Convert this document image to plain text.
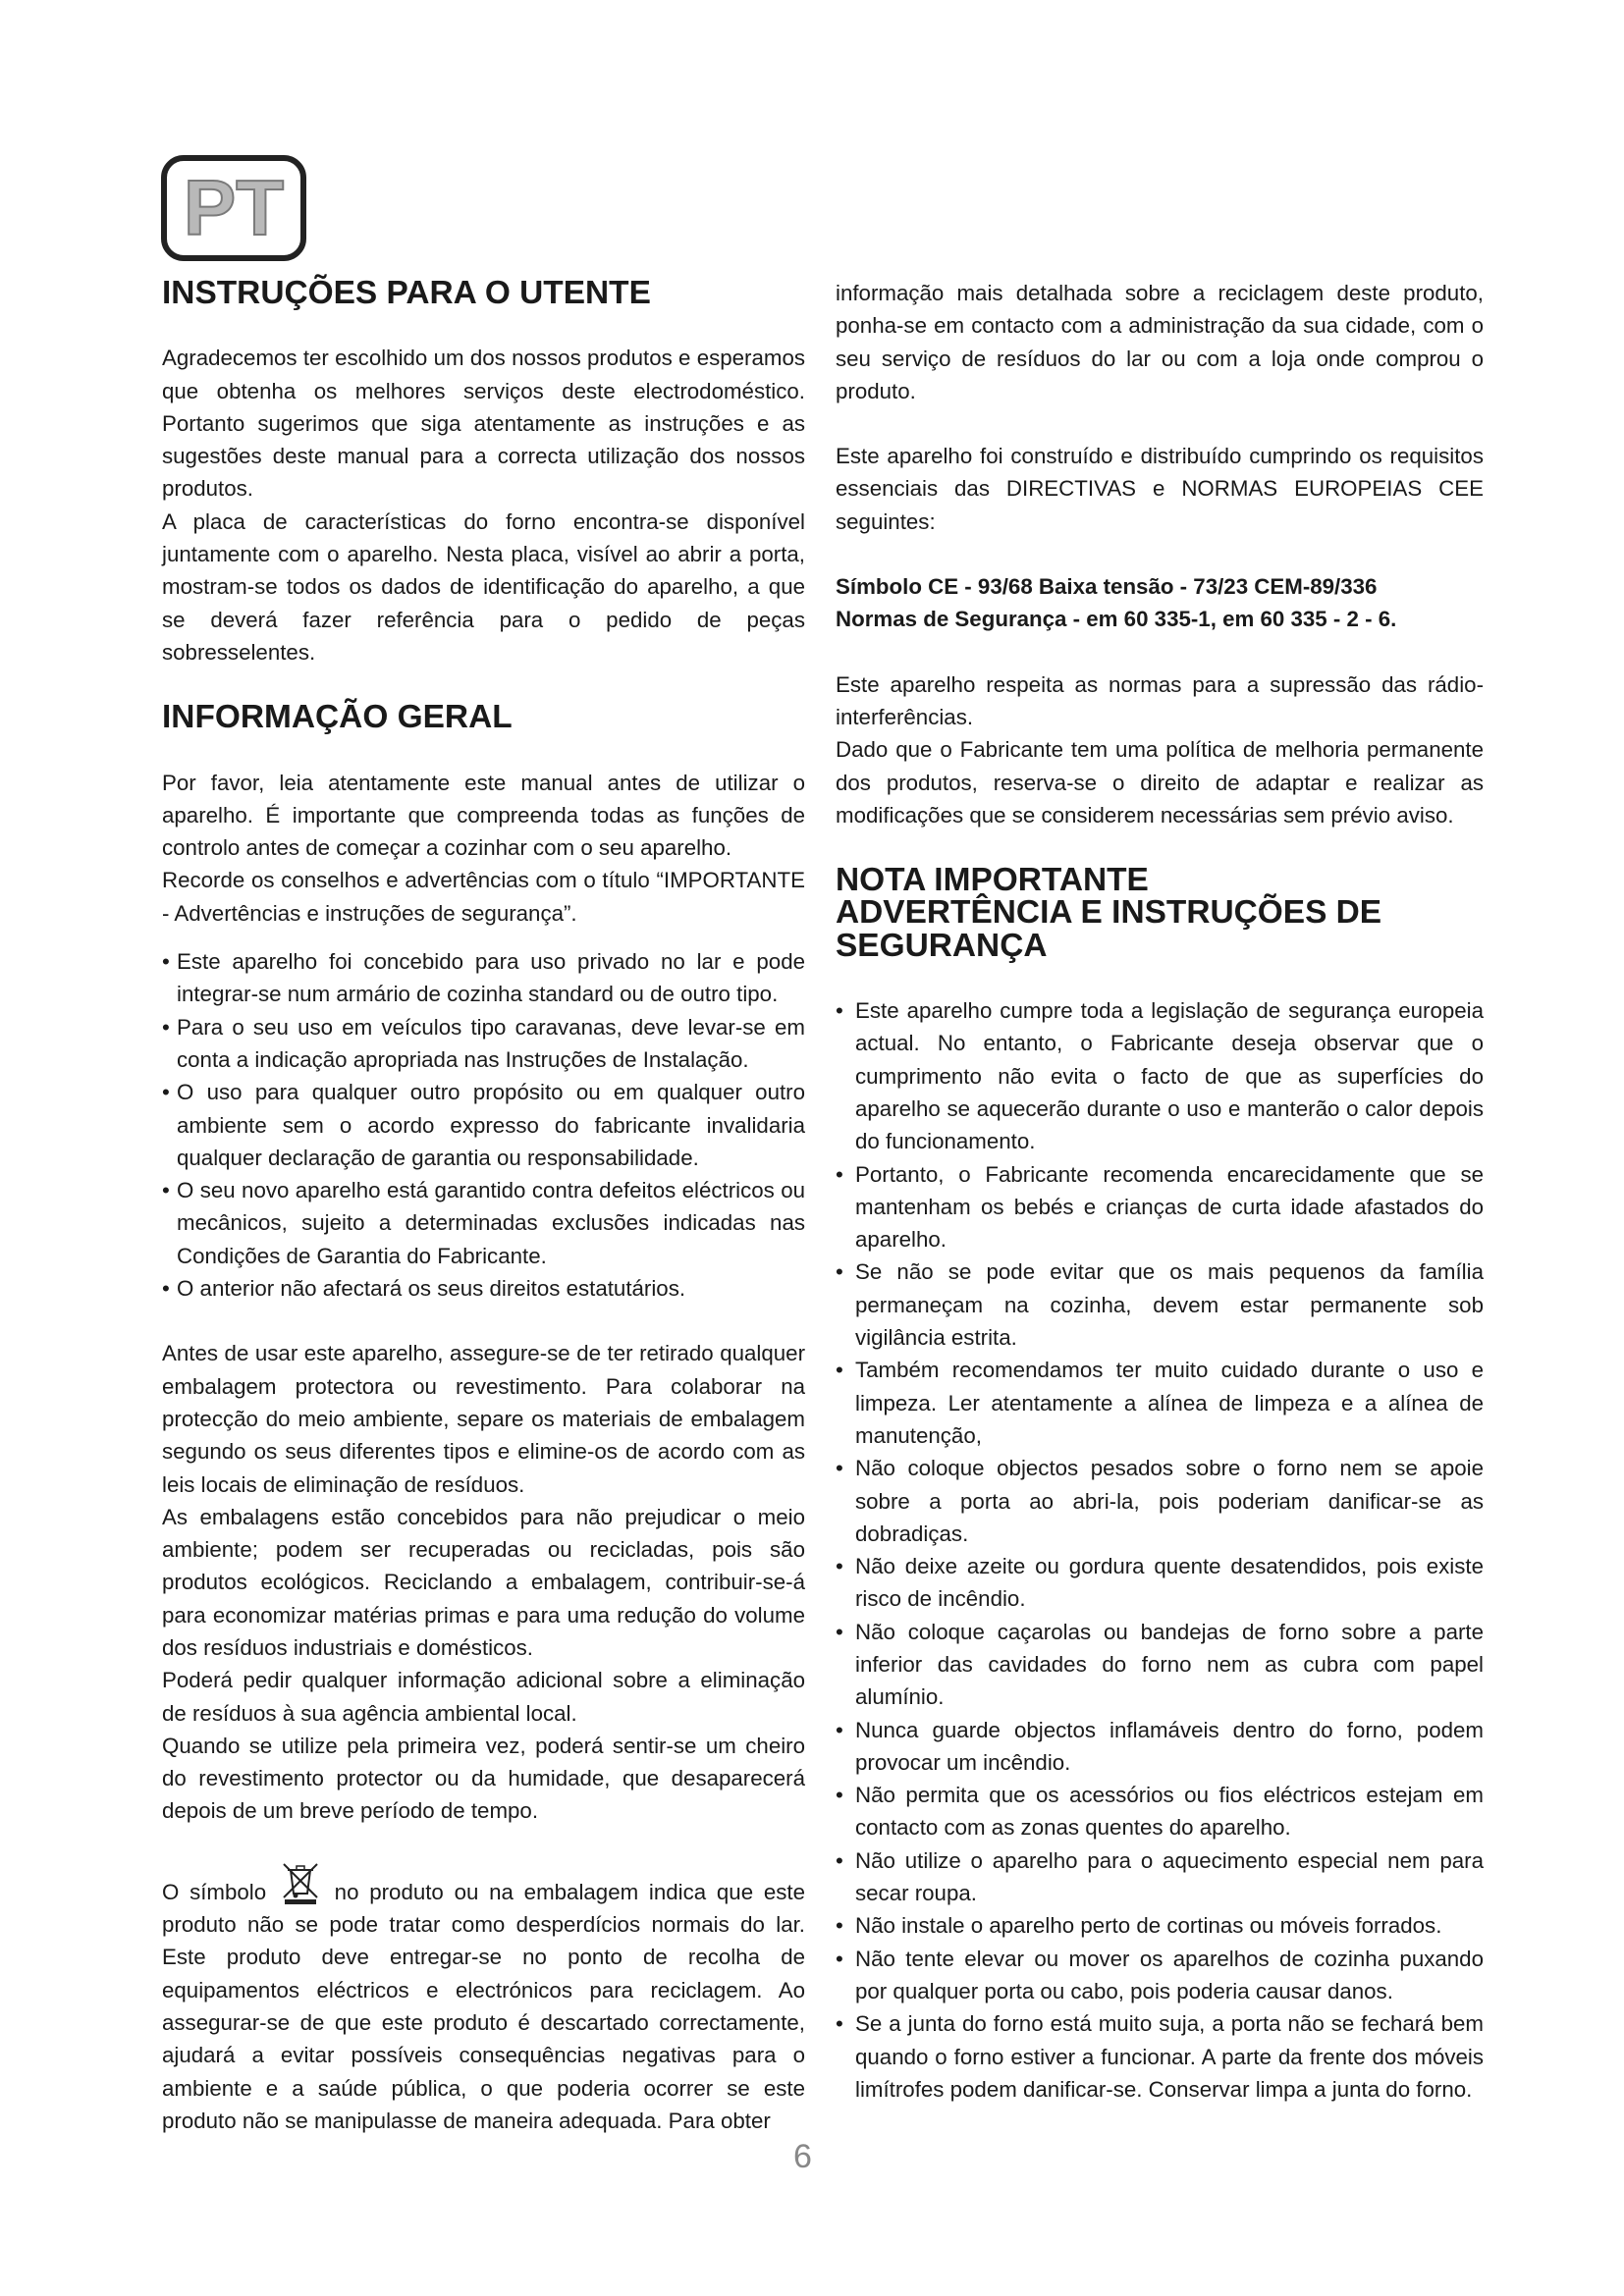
PT
INSTRUÇÕES PARA O UTENTE

Agradecemos ter escolhido um dos nossos produtos e esperamos que obtenha os melhores serviços deste electrodoméstico. Portanto sugerimos que siga atentamente as instruções e as sugestões deste manual para a correcta utilização dos nossos produtos.

A placa de características do forno encontra-se disponível juntamente com o aparelho. Nesta placa, visível ao abrir a porta, mostram-se todos os dados de identificação do aparelho, a que se deverá fazer referência para o pedido de peças sobresselentes.

INFORMAÇÃO GERAL

Por favor, leia atentamente este manual antes de utilizar o aparelho. É importante que compreenda todas as funções de controlo antes de começar a cozinhar com o seu aparelho.

Recorde os conselhos e advertências com o título “IMPORTANTE - Advertências e instruções de segurança”.

• Este aparelho foi concebido para uso privado no lar e pode integrar-se num armário de cozinha standard ou de outro tipo.
• Para o seu uso em veículos tipo caravanas, deve levar-se em conta a indicação apropriada nas Instruções de Instalação.
• O uso para qualquer outro propósito ou em qualquer outro ambiente sem o acordo expresso do fabricante invalidaria qualquer declaração de garantia ou responsabilidade.
• O seu novo aparelho está garantido contra defeitos eléctricos ou mecânicos, sujeito a determinadas exclusões indicadas nas Condições de Garantia do Fabricante.
• O anterior não afectará os seus direitos estatutários.

Antes de usar este aparelho, assegure-se de ter retirado qualquer embalagem protectora ou revestimento. Para colaborar na protecção do meio ambiente, separe os materiais de embalagem segundo os seus diferentes tipos e elimine-os de acordo com as leis locais de eliminação de resíduos.

As embalagens estão concebidos para não prejudicar o meio ambiente; podem ser recuperadas ou recicladas, pois são produtos ecológicos. Reciclando a embalagem, contribuir-se-á para economizar matérias primas e para uma redução do volume dos resíduos industriais e domésticos.

Poderá pedir qualquer informação adicional sobre a eliminação de resíduos à sua agência ambiental local.

Quando se utilize pela primeira vez, poderá sentir-se um cheiro do revestimento protector ou da humidade, que desaparecerá depois de um breve período de tempo.

O símbolo	no produto ou na embalagem indica que este produto não se pode tratar como desperdícios normais do lar. Este produto deve entregar-se no ponto de recolha de equipamentos eléctricos e electrónicos para reciclagem. Ao assegurar-se de que este produto é descartado correctamente, ajudará a evitar possíveis consequências negativas para o ambiente e a saúde pública, o que poderia ocorrer se este produto não se manipulasse de maneira adequada. Para obter

informação mais detalhada sobre a reciclagem deste produto, ponha-se em contacto com a administração da sua cidade, com o seu serviço de resíduos do lar ou com a loja onde comprou o produto.

Este aparelho foi construído e distribuído cumprindo os requisitos essenciais das DIRECTIVAS e NORMAS EUROPEIAS CEE seguintes:

Símbolo CE - 93/68 Baixa tensão - 73/23 CEM-89/336

Normas de Segurança - em 60 335-1, em 60 335 - 2 - 6.

Este aparelho respeita as normas para a supressão das rádio-interferências.

Dado que o Fabricante tem uma política de melhoria permanente dos produtos, reserva-se o direito de adaptar e realizar as modificações que se considerem necessárias sem prévio aviso.

NOTA IMPORTANTE
ADVERTÊNCIA E INSTRUÇÕES DE SEGURANÇA
• Este aparelho cumpre toda a legislação de segurança europeia actual. No entanto, o Fabricante deseja observar que o cumprimento não evita o facto de que as superfícies do aparelho se aquecerão durante o uso e manterão o calor depois do funcionamento.
• Portanto, o Fabricante recomenda encarecidamente que se mantenham os bebés e crianças de curta idade afastados do aparelho.
• Se não se pode evitar que os mais pequenos da família permaneçam na cozinha, devem estar permanente sob vigilância estrita.
• Também recomendamos ter muito cuidado durante o uso e limpeza. Ler atentamente a alínea de limpeza e a alínea de manutenção,
• Não coloque objectos pesados sobre o forno nem se apoie sobre a porta ao abri-la, pois poderiam danificar-se as dobradiças.
• Não deixe azeite ou gordura quente desatendidos, pois existe risco de incêndio.
• Não coloque caçarolas ou bandejas de forno sobre a parte inferior das cavidades do forno nem as cubra com papel alumínio.
• Nunca guarde objectos inflamáveis dentro do forno, podem provocar um incêndio.
• Não permita que os acessórios ou fios eléctricos estejam em contacto com as zonas quentes do aparelho.
• Não utilize o aparelho para o aquecimento especial nem para secar roupa.
• Não instale o aparelho perto de cortinas ou móveis forrados.
• Não tente elevar ou mover os aparelhos de cozinha puxando por qualquer porta ou cabo, pois poderia causar danos.
• Se a junta do forno está muito suja, a porta não se fechará bem quando o forno estiver a funcionar. A parte da frente dos móveis limítrofes podem danificar-se. Conservar limpa a junta do forno.
6
